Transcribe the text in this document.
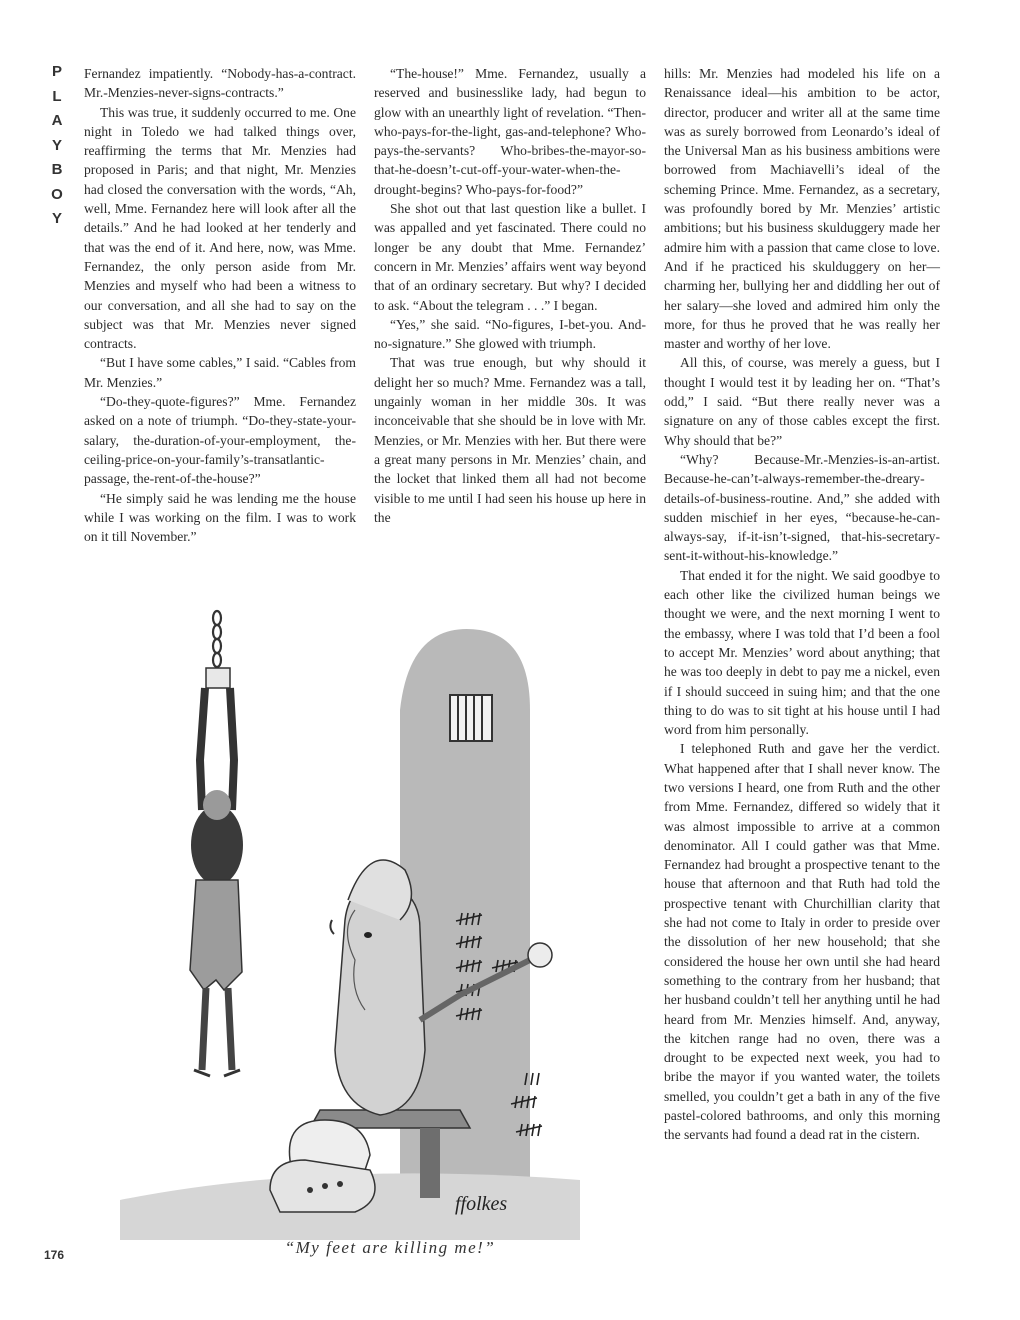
P
L
A
Y
B
O
Y

Fernandez impatiently. “Nobody-has-a-contract. Mr.-Menzies-never-signs-contracts.”

This was true, it suddenly occurred to me. One night in Toledo we had talked things over, reaffirming the terms that Mr. Menzies had proposed in Paris; and that night, Mr. Menzies had closed the conversation with the words, “Ah, well, Mme. Fernandez here will look after all the details.” And he had looked at her tenderly and that was the end of it. And here, now, was Mme. Fernandez, the only person aside from Mr. Menzies and myself who had been a witness to our conversation, and all she had to say on the subject was that Mr. Menzies never signed contracts.

“But I have some cables,” I said. “Cables from Mr. Menzies.”

“Do-they-quote-figures?” Mme. Fernandez asked on a note of triumph. “Do-they-state-your-salary, the-duration-of-your-employment, the-ceiling-price-on-your-family’s-transatlantic-passage, the-rent-of-the-house?”

“He simply said he was lending me the house while I was working on the film. I was to work on it till November.”

“The-house!” Mme. Fernandez, usually a reserved and businesslike lady, had begun to glow with an unearthly light of revelation. “Then-who-pays-for-the-light, gas-and-telephone? Who-pays-the-servants? Who-bribes-the-mayor-so-that-he-doesn’t-cut-off-your-water-when-the-drought-begins? Who-pays-for-food?”

She shot out that last question like a bullet. I was appalled and yet fascinated. There could no longer be any doubt that Mme. Fernandez’ concern in Mr. Menzies’ affairs went way beyond that of an ordinary secretary. But why? I decided to ask. “About the telegram . . .” I began.

“Yes,” she said. “No-figures, I-bet-you. And-no-signature.” She glowed with triumph.

That was true enough, but why should it delight her so much? Mme. Fernandez was a tall, ungainly woman in her middle 30s. It was inconceivable that she should be in love with Mr. Menzies, or Mr. Menzies with her. But there were a great many persons in Mr. Menzies’ chain, and the locket that linked them all had not become visible to me until I had seen his house up here in the

hills: Mr. Menzies had modeled his life on a Renaissance ideal—his ambition to be actor, director, producer and writer all at the same time was as surely borrowed from Leonardo’s ideal of the Universal Man as his business ambitions were borrowed from Machiavelli’s ideal of the scheming Prince. Mme. Fernandez, as a secretary, was profoundly bored by Mr. Menzies’ artistic ambitions; but his business skulduggery made her admire him with a passion that came close to love. And if he practiced his skulduggery on her—charming her, bullying her and diddling her out of her salary—she loved and admired him only the more, for thus he proved that he was really her master and worthy of her love.

All this, of course, was merely a guess, but I thought I would test it by leading her on. “That’s odd,” I said. “But there really never was a signature on any of those cables except the first. Why should that be?”

“Why? Because-Mr.-Menzies-is-an-artist. Because-he-can’t-always-remember-the-dreary-details-of-business-routine. And,” she added with sudden mischief in her eyes, “because-he-can-always-say, if-it-isn’t-signed, that-his-secretary-sent-it-without-his-knowledge.”

That ended it for the night. We said goodbye to each other like the civilized human beings we thought we were, and the next morning I went to the embassy, where I was told that I’d been a fool to accept Mr. Menzies’ word about anything; that he was too deeply in debt to pay me a nickel, even if I should succeed in suing him; and that the one thing to do was to sit tight at his house until I had word from him personally.

I telephoned Ruth and gave her the verdict. What happened after that I shall never know. The two versions I heard, one from Ruth and the other from Mme. Fernandez, differed so widely that it was almost impossible to arrive at a common denominator. All I could gather was that Mme. Fernandez had brought a prospective tenant to the house that afternoon and that Ruth had told the prospective tenant with Churchillian clarity that she had not come to Italy in order to preside over the dissolution of her new household; that she considered the house her own until she had heard something to the contrary from her husband; that her husband couldn’t tell her anything until he had heard from Mr. Menzies himself. And, anyway, the kitchen range had no oven, there was a drought to be expected next week, you had to bribe the mayor if you wanted water, the toilets smelled, you couldn’t get a bath in any of the five pastel-colored bathrooms, and only this morning the servants had found a dead rat in the cistern.

ffolkes
“My feet are killing me!”
176
